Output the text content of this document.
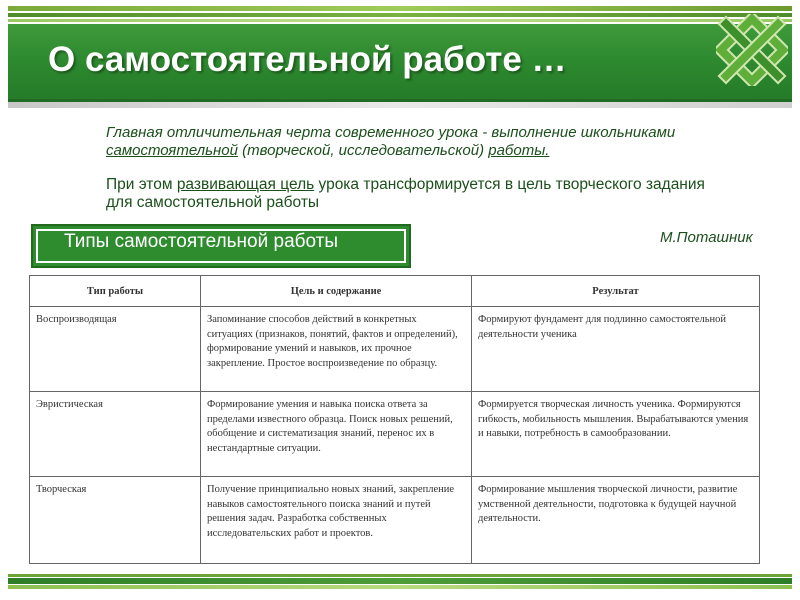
О самостоятельной работе …
Главная отличительная черта современного урока - выполнение школьниками самостоятельной (творческой, исследовательской) работы.
При этом развивающая цель урока трансформируется в цель творческого задания для самостоятельной работы
М.Поташник
Типы самостоятельной работы
Тип работы	Цель и содержание	Результат
Воспроизводящая	Запоминание способов действий в конкретных ситуациях (признаков, понятий, фактов и определений), формирование умений и навыков, их прочное закрепление. Простое воспроизведение по образцу.	Формируют фундамент для подлинно самостоятельной деятельности ученика
Эвристическая	Формирование умения и навыка поиска ответа за пределами известного образца. Поиск новых решений, обобщение и систематизация знаний, перенос их в нестандартные ситуации.	Формируется творческая личность ученика. Формируются гибкость, мобильность мышления. Вырабатываются умения и навыки, потребность в самообразовании.
Творческая	Получение принципиально новых знаний, закрепление навыков самостоятельного поиска знаний и путей решения задач. Разработка собственных исследовательских работ и проектов.	Формирование мышления творческой личности, развитие умственной деятельности, подготовка к будущей научной деятельности.
